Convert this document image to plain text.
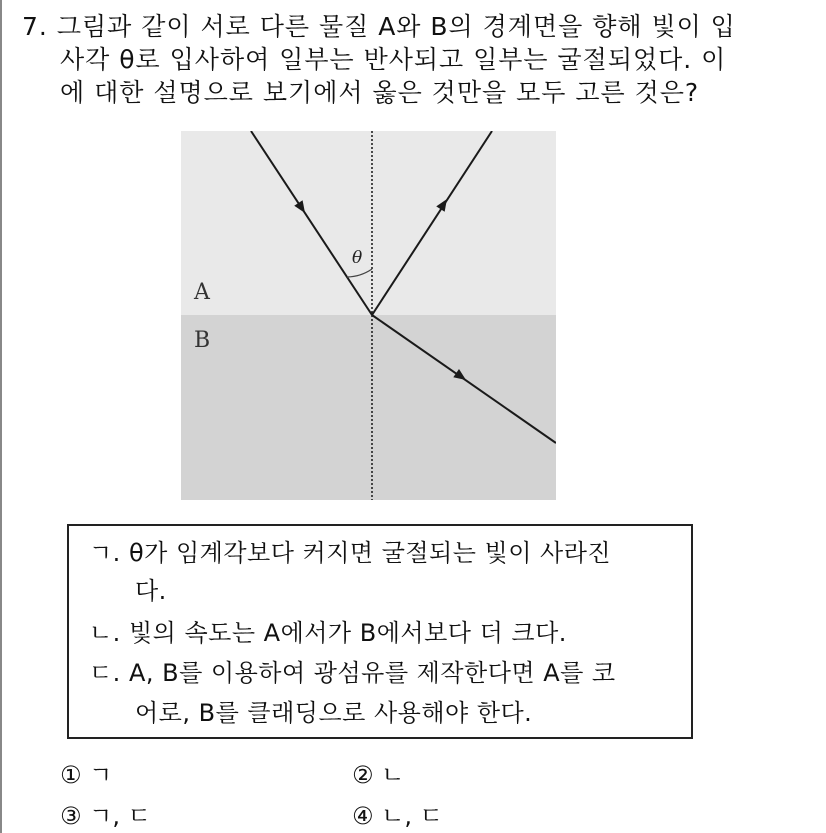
7. 그림과 같이 서로 다른 물질 A와 B의 경계면을 향해 빛이 입
사각 θ로 입사하여 일부는 반사되고 일부는 굴절되었다. 이
에 대한 설명으로 보기에서 옳은 것만을 모두 고른 것은?
θ
A
B
ㄱ. θ가 임계각보다 커지면 굴절되는 빛이 사라진
다.
ㄴ. 빛의 속도는 A에서가 B에서보다 더 크다.
ㄷ. A, B를 이용하여 광섬유를 제작한다면 A를 코
어로, B를 클래딩으로 사용해야 한다.
① ㄱ	② ㄴ
③ ㄱ, ㄷ	④ ㄴ, ㄷ
